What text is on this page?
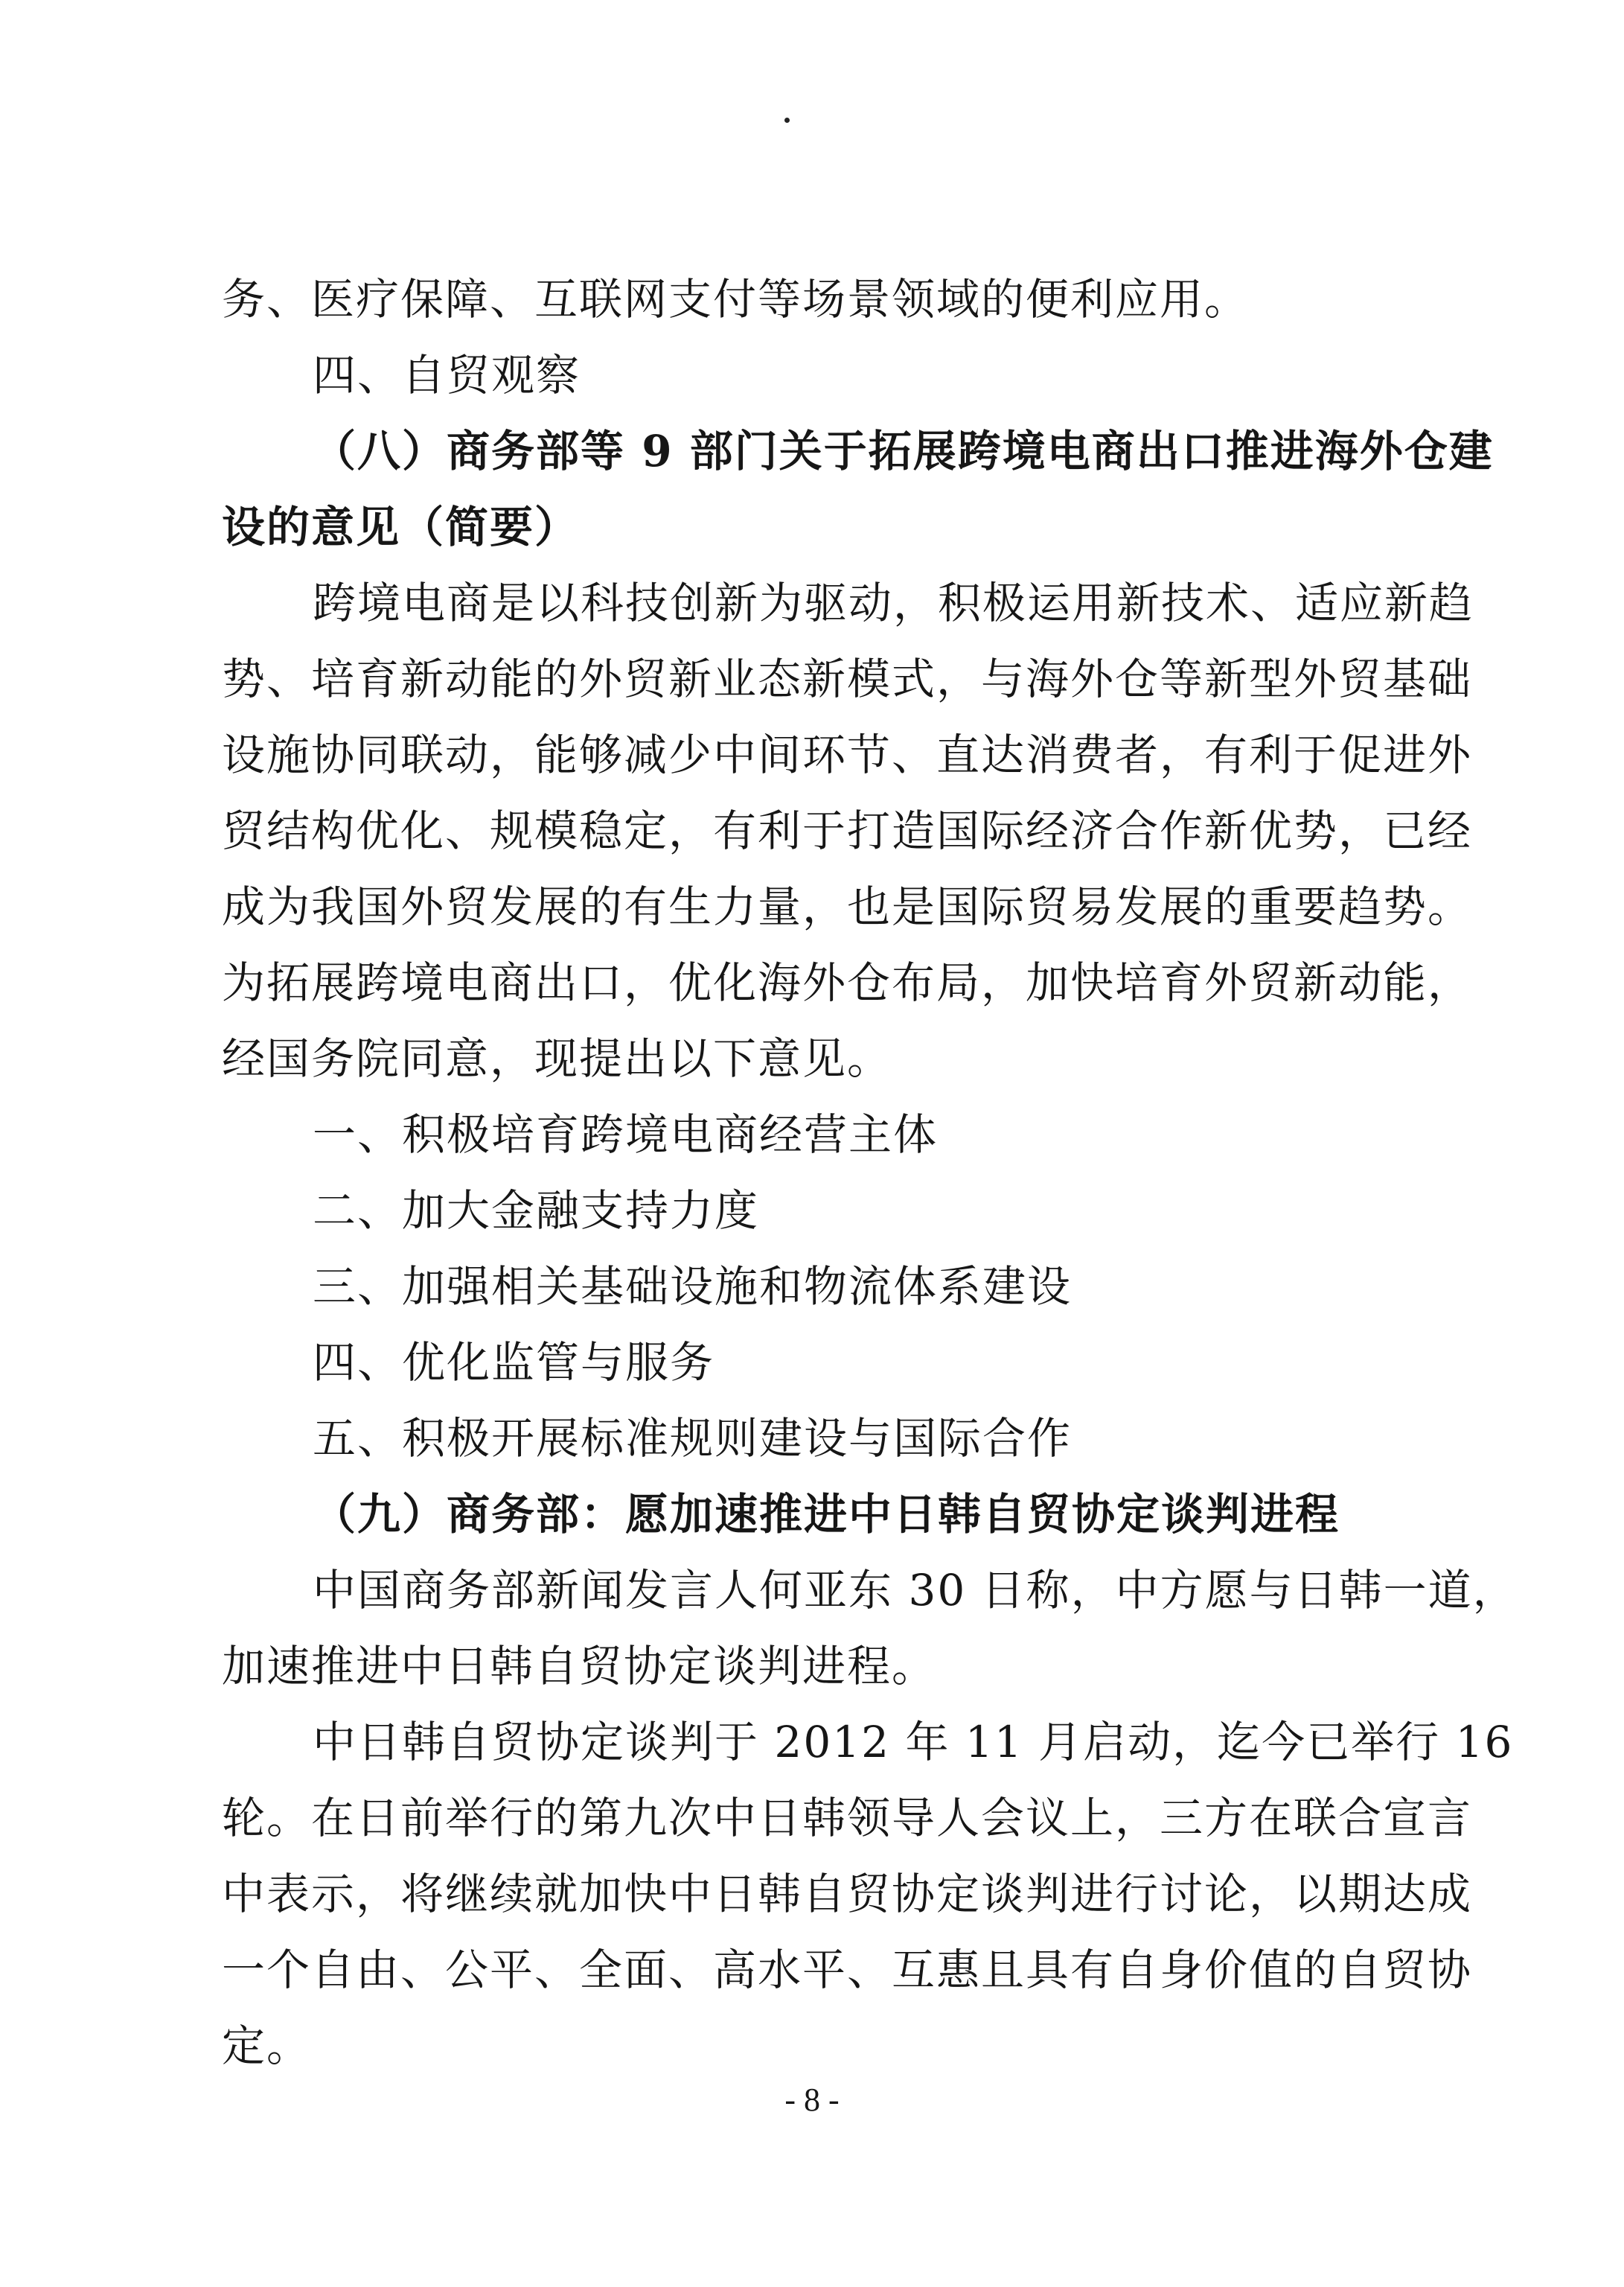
务、医疗保障、互联网支付等场景领域的便利应用。
四、自贸观察
（八）商务部等 9 部门关于拓展跨境电商出口推进海外仓建
设的意见（简要）
跨境电商是以科技创新为驱动，积极运用新技术、适应新趋
势、培育新动能的外贸新业态新模式，与海外仓等新型外贸基础
设施协同联动，能够减少中间环节、直达消费者，有利于促进外
贸结构优化、规模稳定，有利于打造国际经济合作新优势，已经
成为我国外贸发展的有生力量，也是国际贸易发展的重要趋势。
为拓展跨境电商出口，优化海外仓布局，加快培育外贸新动能，
经国务院同意，现提出以下意见。
一、积极培育跨境电商经营主体
二、加大金融支持力度
三、加强相关基础设施和物流体系建设
四、优化监管与服务
五、积极开展标准规则建设与国际合作
（九）商务部：愿加速推进中日韩自贸协定谈判进程
中国商务部新闻发言人何亚东 30 日称，中方愿与日韩一道，
加速推进中日韩自贸协定谈判进程。
中日韩自贸协定谈判于 2012 年 11 月启动，迄今已举行 16
轮。在日前举行的第九次中日韩领导人会议上，三方在联合宣言
中表示，将继续就加快中日韩自贸协定谈判进行讨论，以期达成
一个自由、公平、全面、高水平、互惠且具有自身价值的自贸协
定。
- 8 -
